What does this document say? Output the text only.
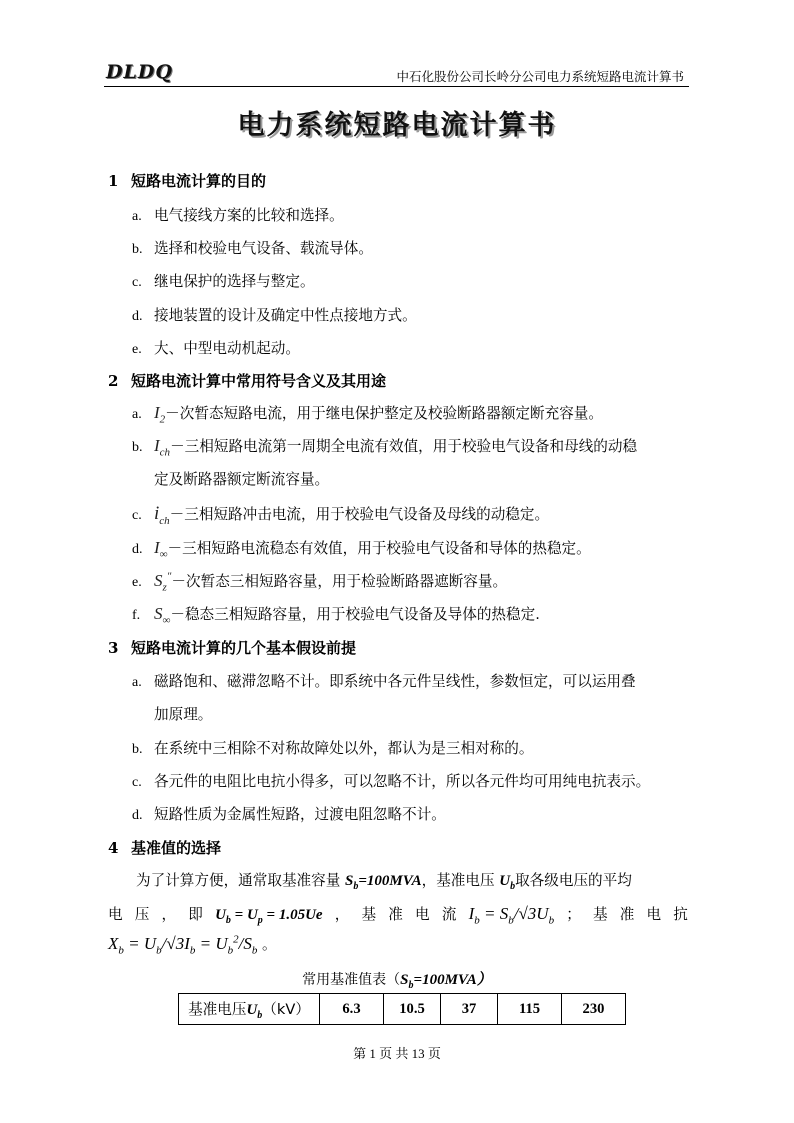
DLDQ	中石化股份公司长岭分公司电力系统短路电流计算书
电力系统短路电流计算书
1 短路电流计算的目的
a. 电气接线方案的比较和选择。
b. 选择和校验电气设备、载流导体。
c. 继电保护的选择与整定。
d. 接地装置的设计及确定中性点接地方式。
e. 大、中型电动机起动。
2 短路电流计算中常用符号含义及其用途
a. $I_2-$次暂态短路电流，用于继电保护整定及校验断路器额定断充容量。
b. $I_{ch}-$三相短路电流第一周期全电流有效值，用于校验电气设备和母线的动稳
定及断路器额定断流容量。
c. $i_{ch}-$三相短路冲击电流，用于校验电气设备及母线的动稳定。
d. $I_\infty-$三相短路电流稳态有效值，用于校验电气设备和导体的热稳定。
e. $S_z^"-$次暂态三相短路容量，用于检验断路器遮断容量。
f. $S_\infty-$稳态三相短路容量，用于校验电气设备及导体的热稳定.
3 短路电流计算的几个基本假设前提
a. 磁路饱和、磁滞忽略不计。即系统中各元件呈线性，参数恒定，可以运用叠
加原理。
b. 在系统中三相除不对称故障处以外，都认为是三相对称的。
c. 各元件的电阻比电抗小得多，可以忽略不计，所以各元件均可用纯电抗表示。
d. 短路性质为金属性短路，过渡电阻忽略不计。
4 基准值的选择
为了计算方便，通常取基准容量 $S_b=100MVA$，基准电压 $U_b$取各级电压的平均
电 压 ， 即 $U_b = U_p = 1.05Ue$ ， 基 准 电 流 $I_b = S_b/√3U_b$ ； 基 准 电 抗
$X_b = U_b/√3I_b = U_b^2/S_b$ 。
常用基准值表$(S_b=100MVA)$
基准电压$U_b(kV)$	6.3	10.5	37	115	230
第 1 页 共 13 页
